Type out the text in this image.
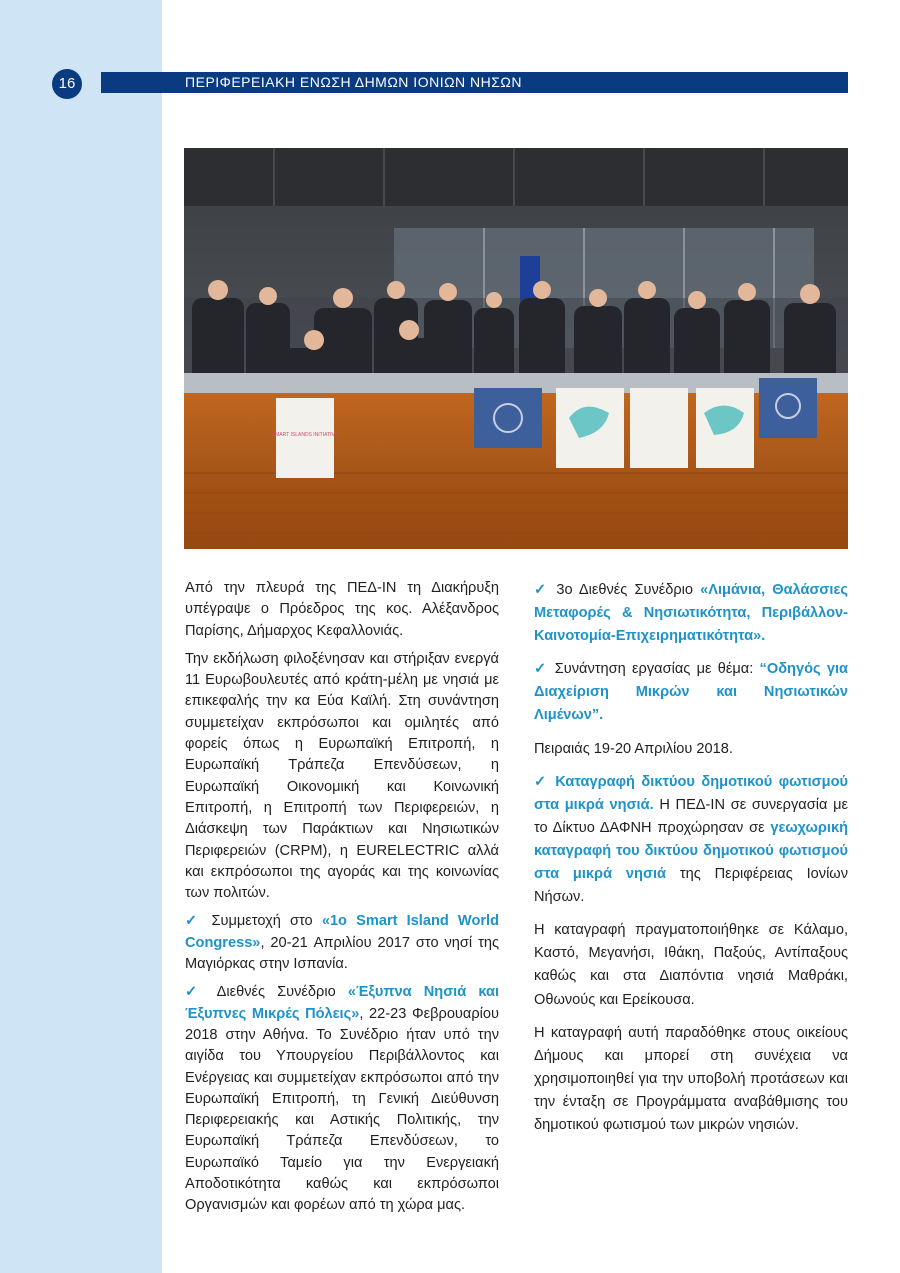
ΠΕΡΙΦΕΡΕΙΑΚΗ ΕΝΩΣΗ ΔΗΜΩΝ ΙΟΝΙΩΝ ΝΗΣΩΝ
16
SMART ISLANDS INITIATIVE

Από την πλευρά της ΠΕΔ-ΙΝ τη Διακήρυξη υπέγραψε ο Πρόεδρος της κος. Αλέξανδρος Παρίσης, Δήμαρχος Κεφαλλονιάς.

Την εκδήλωση φιλοξένησαν και στήριξαν ενεργά 11 Ευρωβουλευτές από κράτη-μέλη με νησιά με επικεφαλής την κα Εύα Καϊλή. Στη συνάντηση συμμετείχαν εκπρόσωποι και ομιλητές από φορείς όπως η Ευρωπαϊκή Επιτροπή, η Ευρωπαϊκή Τράπεζα Επενδύσεων, η Ευρωπαϊκή Οικονομική και Κοινωνική Επιτροπή, η Επιτροπή των Περιφερειών, η Διάσκεψη των Παράκτιων και Νησιωτικών Περιφερειών (CRPM), η EURELECTRIC αλλά και εκπρόσωποι της αγοράς και της κοινωνίας των πολιτών.

✓ Συμμετοχή στο «1ο Smart Island World Congress», 20-21 Απριλίου 2017 στο νησί της Μαγιόρκας στην Ισπανία.

✓ Διεθνές Συνέδριο «Έξυπνα Νησιά και Έξυπνες Μικρές Πόλεις», 22-23 Φεβρουαρίου 2018 στην Αθήνα. Το Συνέδριο ήταν υπό την αιγίδα του Υπουργείου Περιβάλλοντος και Ενέργειας και συμμετείχαν εκπρόσωποι από την Ευρωπαϊκή Επιτροπή, τη Γενική Διεύθυνση Περιφερειακής και Αστικής Πολιτικής, την Ευρωπαϊκή Τράπεζα Επενδύσεων, το Ευρωπαϊκό Ταμείο για την Ενεργειακή Αποδοτικότητα καθώς και εκπρόσωποι Οργανισμών και φορέων από τη χώρα μας.

✓ 3ο Διεθνές Συνέδριο «Λιμάνια, Θαλάσσιες Μεταφορές & Νησιωτικότητα, Περιβάλλον-Καινοτομία-Επιχειρηματικότητα».

✓ Συνάντηση εργασίας με θέμα: “Οδηγός για Διαχείριση Μικρών και Νησιωτικών Λιμένων”.

Πειραιάς 19-20 Απριλίου 2018.

✓ Καταγραφή δικτύου δημοτικού φωτισμού στα μικρά νησιά. Η ΠΕΔ-ΙΝ σε συνεργασία με το Δίκτυο ΔΑΦΝΗ προχώρησαν σε γεωχωρική καταγραφή του δικτύου δημοτικού φωτισμού στα μικρά νησιά της Περιφέρειας Ιονίων Νήσων.

Η καταγραφή πραγματοποιήθηκε σε Κάλαμο, Καστό, Μεγανήσι, Ιθάκη, Παξούς, Αντίπαξους καθώς και στα Διαπόντια νησιά Μαθράκι, Οθωνούς και Ερείκουσα.

Η καταγραφή αυτή παραδόθηκε στους οικείους Δήμους και μπορεί στη συνέχεια να χρησιμοποιηθεί για την υποβολή προτάσεων και την ένταξη σε Προγράμματα αναβάθμισης του δημοτικού φωτισμού των μικρών νησιών.
